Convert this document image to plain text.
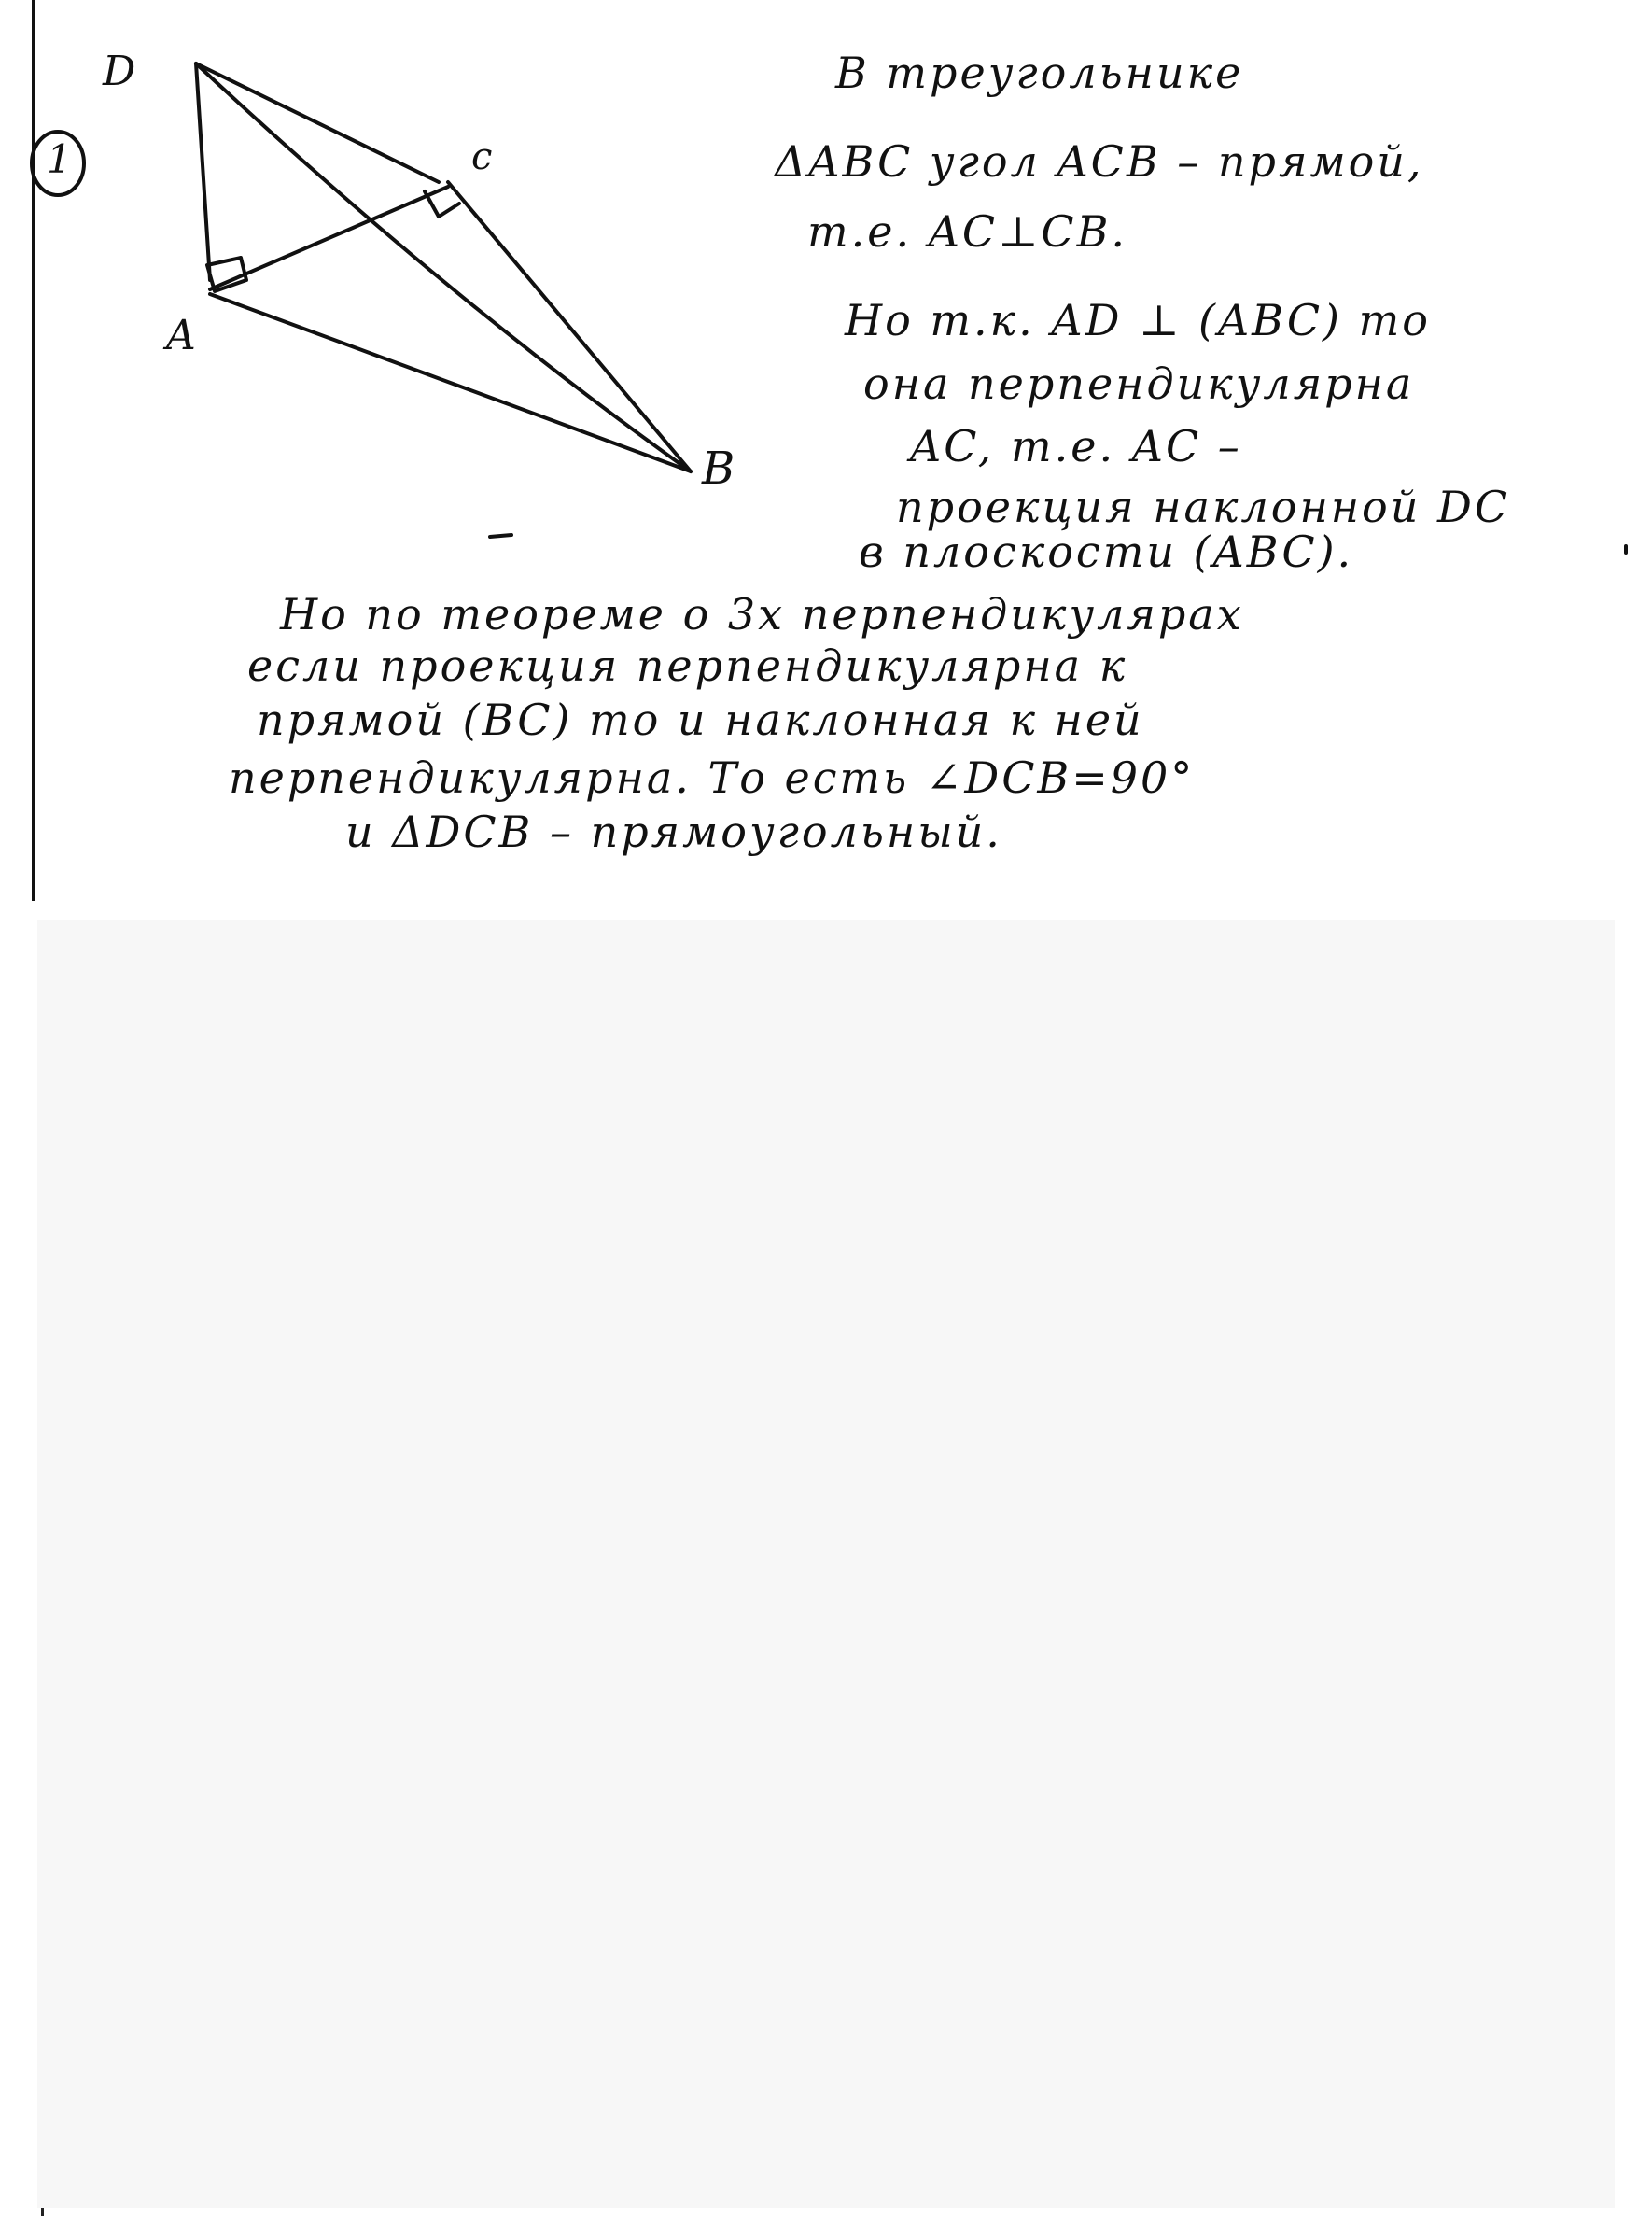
1
D
A
c
B
В треугольнике
ΔABC угол ACB – прямой,
т.е. AC⊥CB.
Но т.к. AD ⊥ (ABC) то
она перпендикулярна
AC, т.е. AC –
проекция наклонной DC
в плоскости (ABC).
Но по теореме о 3х перпендикулярах
если проекция перпендикулярна к
прямой (BC) то и наклонная к ней
перпендикулярна. То есть ∠DCB=90°
и ΔDCB – прямоугольный.
